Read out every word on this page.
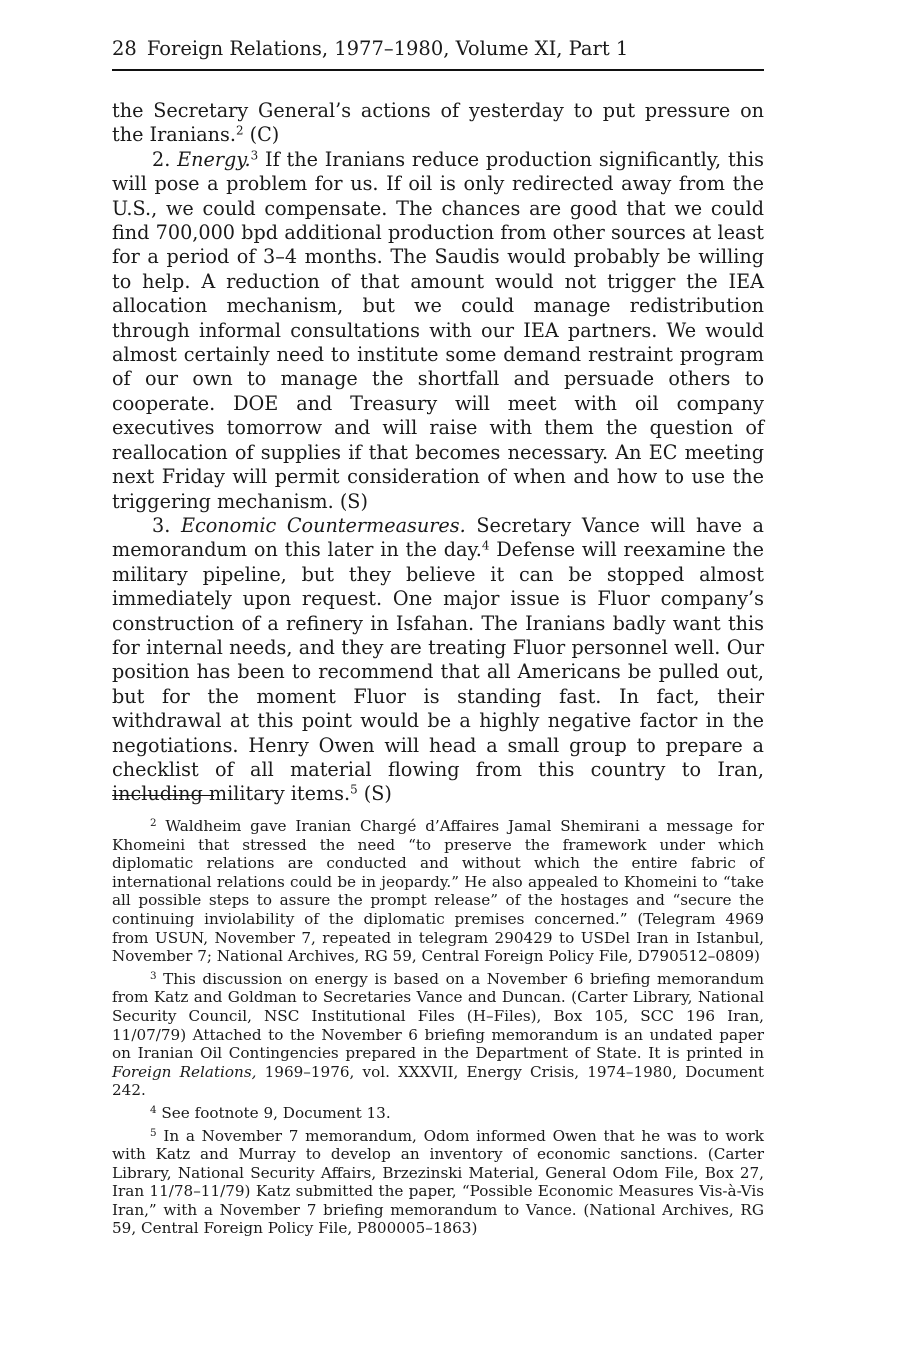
28 Foreign Relations, 1977–1980, Volume XI, Part 1

the Secretary General’s actions of yesterday to put pressure on the Iranians.$^2$ (C)

2. Energy.$^3$ If the Iranians reduce production significantly, this will pose a problem for us. If oil is only redirected away from the U.S., we could compensate. The chances are good that we could find 700,000 bpd additional production from other sources at least for a period of 3–4 months. The Saudis would probably be willing to help. A reduction of that amount would not trigger the IEA allocation mechanism, but we could manage redistribution through informal consultations with our IEA partners. We would almost certainly need to institute some demand restraint program of our own to manage the shortfall and persuade others to cooperate. DOE and Treasury will meet with oil company executives tomorrow and will raise with them the question of reallocation of supplies if that becomes necessary. An EC meeting next Friday will permit consideration of when and how to use the triggering mechanism. (S)

3. Economic Countermeasures. Secretary Vance will have a memorandum on this later in the day.$^4$ Defense will reexamine the military pipeline, but they believe it can be stopped almost immediately upon request. One major issue is Fluor company’s construction of a refinery in Isfahan. The Iranians badly want this for internal needs, and they are treating Fluor personnel well. Our position has been to recommend that all Americans be pulled out, but for the moment Fluor is standing fast. In fact, their withdrawal at this point would be a highly negative factor in the negotiations. Henry Owen will head a small group to prepare a checklist of all material flowing from this country to Iran, including military items.$^5$ (S)

$^2$ Waldheim gave Iranian Chargé d’Affaires Jamal Shemirani a message for Khomeini that stressed the need “to preserve the framework under which diplomatic relations are conducted and without which the entire fabric of international relations could be in jeopardy.” He also appealed to Khomeini to “take all possible steps to assure the prompt release” of the hostages and “secure the continuing inviolability of the diplomatic premises concerned.” (Telegram 4969 from USUN, November 7, repeated in telegram 290429 to USDel Iran in Istanbul, November 7; National Archives, RG 59, Central Foreign Policy File, D790512–0809)

$^3$ This discussion on energy is based on a November 6 briefing memorandum from Katz and Goldman to Secretaries Vance and Duncan. (Carter Library, National Security Council, NSC Institutional Files (H–Files), Box 105, SCC 196 Iran, 11/07/79) Attached to the November 6 briefing memorandum is an undated paper on Iranian Oil Contingencies prepared in the Department of State. It is printed in Foreign Relations, 1969–1976, vol. XXXVII, Energy Crisis, 1974–1980, Document 242.

$^4$ See footnote 9, Document 13.

$^5$ In a November 7 memorandum, Odom informed Owen that he was to work with Katz and Murray to develop an inventory of economic sanctions. (Carter Library, National Security Affairs, Brzezinski Material, General Odom File, Box 27, Iran 11/78–11/79) Katz submitted the paper, “Possible Economic Measures Vis-à-Vis Iran,” with a November 7 briefing memorandum to Vance. (National Archives, RG 59, Central Foreign Policy File, P800005–1863)
